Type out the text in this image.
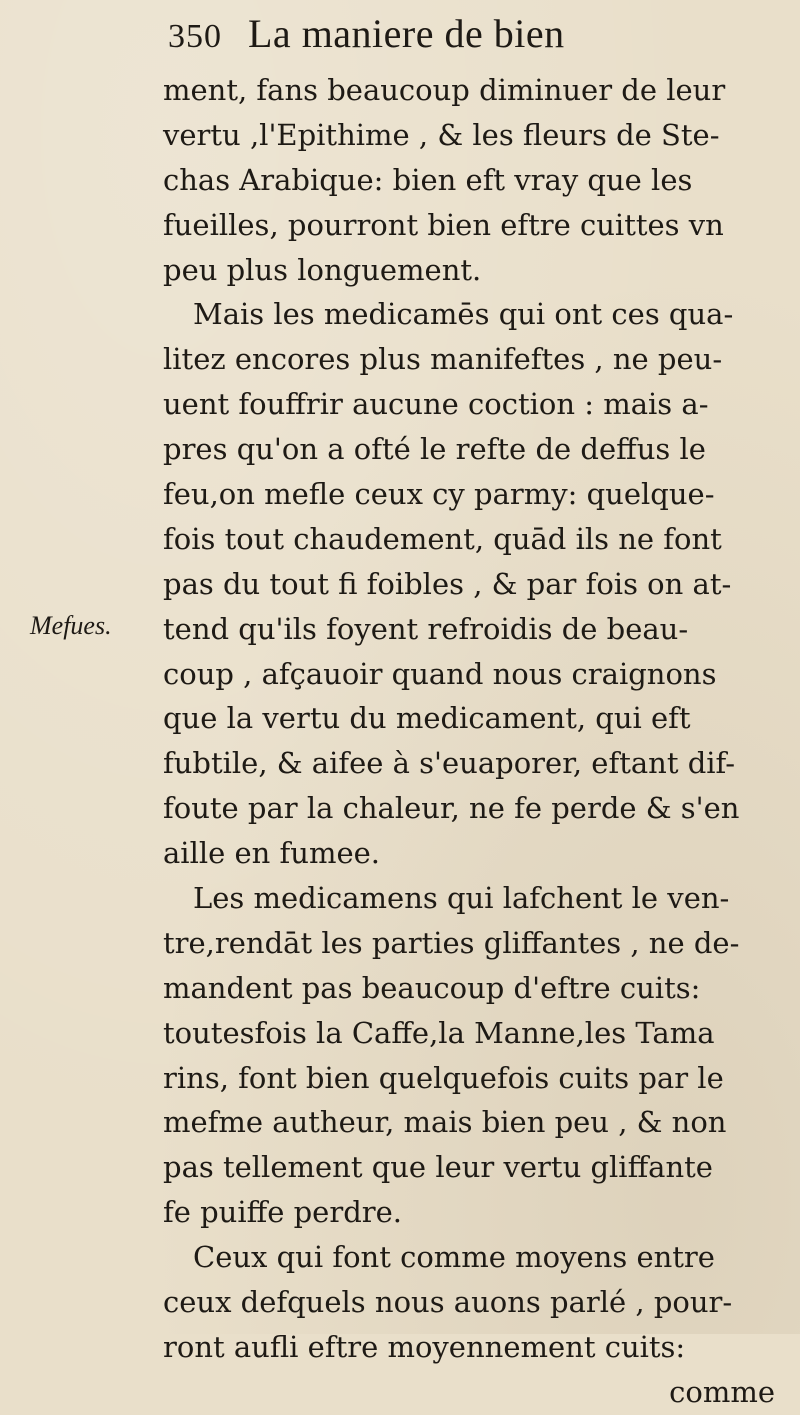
350 La maniere de bien
Mefues.
ment, fans beaucoup diminuer de leur
vertu ,l'Epithime , & les fleurs de Ste-
chas Arabique: bien eft vray que les
fueilles, pourront bien eftre cuittes vn
peu plus longuement.
Mais les medicamēs qui ont ces qua-
litez encores plus manifeftes , ne peu-
uent fouffrir aucune coction : mais a-
pres qu'on a ofté le refte de deffus le
feu,on mefle ceux cy parmy: quelque-
fois tout chaudement, quād ils ne font
pas du tout fi foibles , & par fois on at-
tend qu'ils foyent refroidis de beau-
coup , afçauoir quand nous craignons
que la vertu du medicament, qui eft
fubtile, & aifee à s'euaporer, eftant dif-
foute par la chaleur, ne fe perde & s'en
aille en fumee.
Les medicamens qui lafchent le ven-
tre,rendāt les parties gliffantes , ne de-
mandent pas beaucoup d'eftre cuits:
toutesfois la Caffe,la Manne,les Tama
rins, font bien quelquefois cuits par le
mefme autheur, mais bien peu , & non
pas tellement que leur vertu gliffante
fe puiffe perdre.
Ceux qui font comme moyens entre
ceux defquels nous auons parlé , pour-
ront aufli eftre moyennement cuits:
comme
